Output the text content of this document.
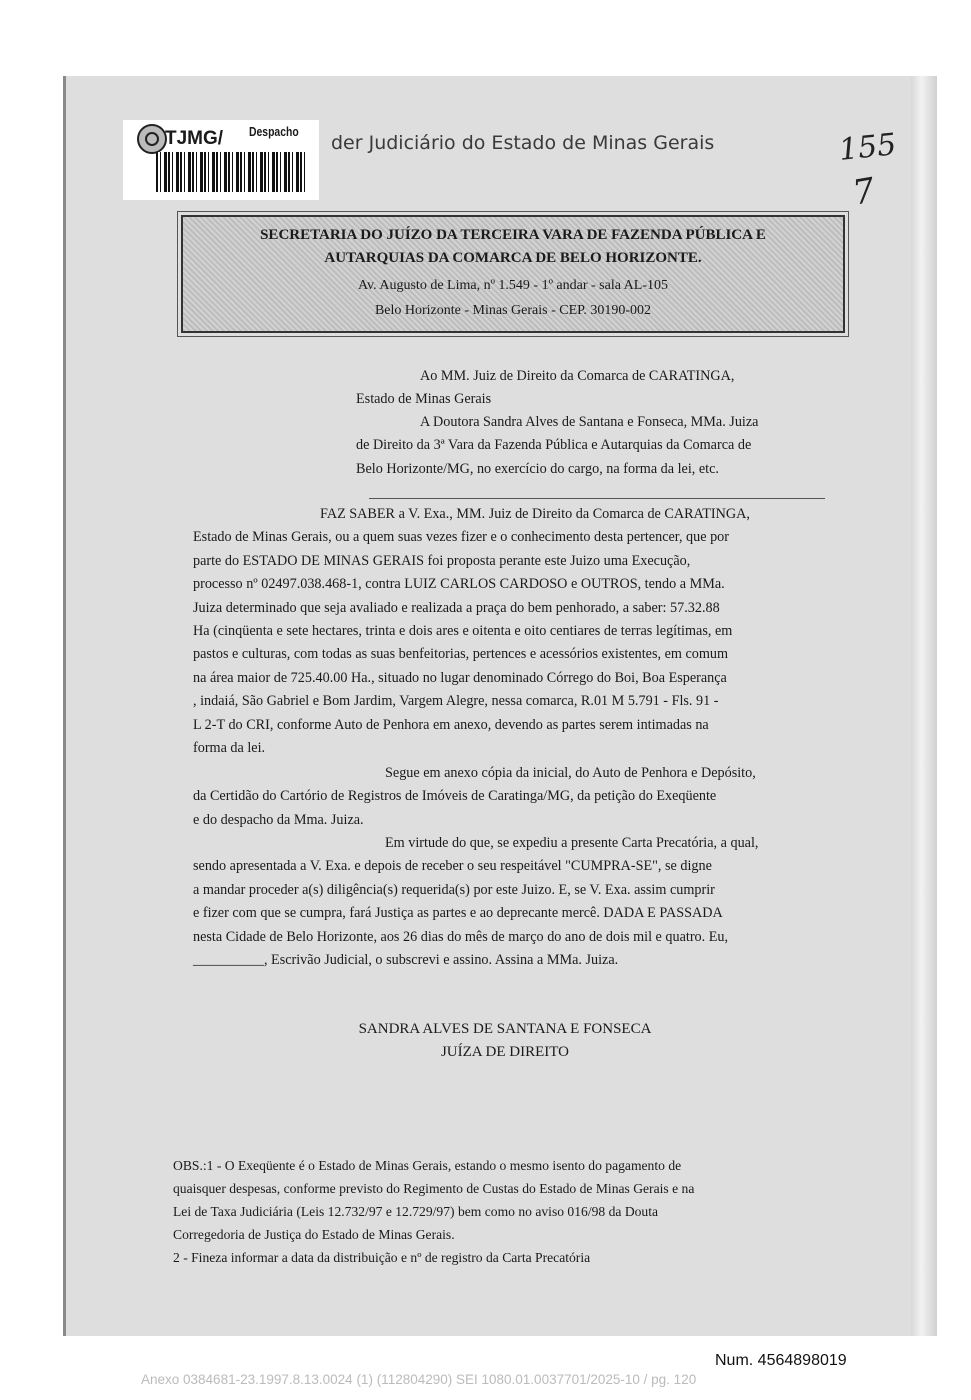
TJMG/ Despacho
der Judiciário do Estado de Minas Gerais	155
7
SECRETARIA DO JUÍZO DA TERCEIRA VARA DE FAZENDA PÚBLICA E
AUTARQUIAS DA COMARCA DE BELO HORIZONTE.
Av. Augusto de Lima, nº 1.549 - 1º andar - sala AL-105
Belo Horizonte - Minas Gerais - CEP. 30190-002
Ao MM. Juiz de Direito da Comarca de CARATINGA,
Estado de Minas Gerais
A Doutora Sandra Alves de Santana e Fonseca, MMa. Juiza
de Direito da 3ª Vara da Fazenda Pública e Autarquias da Comarca de
Belo Horizonte/MG, no exercício do cargo, na forma da lei, etc.
FAZ SABER a V. Exa., MM. Juiz de Direito da Comarca de CARATINGA,
Estado de Minas Gerais, ou a quem suas vezes fizer e o conhecimento desta pertencer, que por
parte do ESTADO DE MINAS GERAIS foi proposta perante este Juizo uma Execução,
processo nº 02497.038.468-1, contra LUIZ CARLOS CARDOSO e OUTROS, tendo a MMa.
Juiza determinado que seja avaliado e realizada a praça do bem penhorado, a saber: 57.32.88
Ha (cinqüenta e sete hectares, trinta e dois ares e oitenta e oito centiares de terras legítimas, em
pastos e culturas, com todas as suas benfeitorias, pertences e acessórios existentes, em comum
na área maior de 725.40.00 Ha., situado no lugar denominado Córrego do Boi, Boa Esperança
, indaiá, São Gabriel e Bom Jardim, Vargem Alegre, nessa comarca, R.01 M 5.791 - Fls. 91 -
L 2-T do CRI, conforme Auto de Penhora em anexo, devendo as partes serem intimadas na
forma da lei.
Segue em anexo cópia da inicial, do Auto de Penhora e Depósito,
da Certidão do Cartório de Registros de Imóveis de Caratinga/MG, da petição do Exeqüente
e do despacho da Mma. Juiza.
Em virtude do que, se expediu a presente Carta Precatória, a qual,
sendo apresentada a V. Exa. e depois de receber o seu respeitável "CUMPRA-SE", se digne
a mandar proceder a(s) diligência(s) requerida(s) por este Juizo. E, se V. Exa. assim cumprir
e fizer com que se cumpra, fará Justiça as partes e ao deprecante mercê. DADA E PASSADA
nesta Cidade de Belo Horizonte, aos 26 dias do mês de março do ano de dois mil e quatro. Eu,
__________, Escrivão Judicial, o subscrevi e assino. Assina a MMa. Juiza.
SANDRA ALVES DE SANTANA E FONSECA
JUÍZA DE DIREITO
OBS.:1 - O Exeqüente é o Estado de Minas Gerais, estando o mesmo isento do pagamento de
quaisquer despesas, conforme previsto do Regimento de Custas do Estado de Minas Gerais e na
Lei de Taxa Judiciária (Leis 12.732/97 e 12.729/97) bem como no aviso 016/98 da Douta
Corregedoria de Justiça do Estado de Minas Gerais.
2 - Fineza informar a data da distribuição e nº de registro da Carta Precatória
Num. 4564898019
Anexo 0384681-23.1997.8.13.0024 (1) (112804290) SEI 1080.01.0037701/2025-10 / pg. 120
